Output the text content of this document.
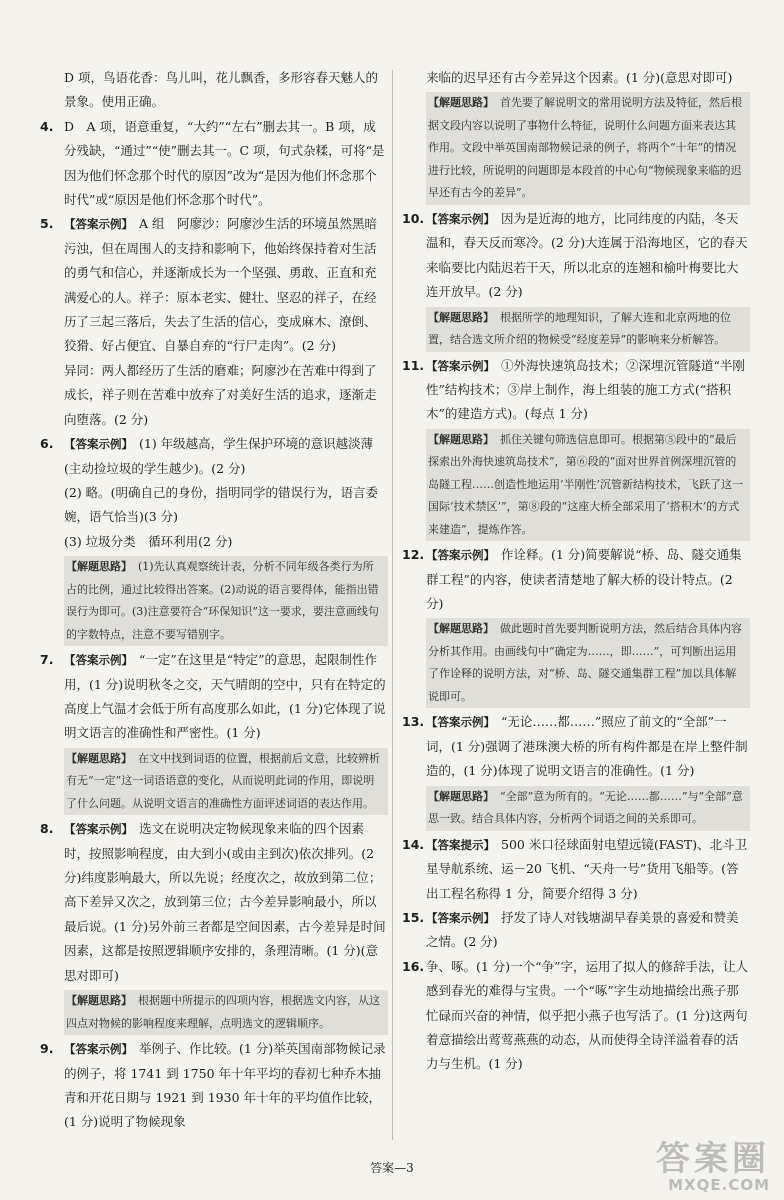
D 项，鸟语花香：鸟儿叫，花儿飘香，多形容春天魅人的景象。使用正确。

4. D　A 项，语意重复，“大约”“左右”删去其一。B 项，成分残缺，“通过”“使”删去其一。C 项，句式杂糅，可将“是因为他们怀念那个时代的原因”改为“是因为他们怀念那个时代”或“原因是他们怀念那个时代”。
5. 【答案示例】 A 组　阿廖沙：阿廖沙生活的环境虽然黑暗污浊，但在周围人的支持和影响下，他始终保持着对生活的勇气和信心，并逐渐成长为一个坚强、勇敢、正直和充满爱心的人。祥子：原本老实、健壮、坚忍的祥子，在经历了三起三落后，失去了生活的信心，变成麻木、潦倒、狡猾、好占便宜、自暴自弃的“行尸走肉”。(2 分)

异同：两人都经历了生活的磨难；阿廖沙在苦难中得到了成长，祥子则在苦难中放弃了对美好生活的追求，逐渐走向堕落。(2 分)

6. 【答案示例】 (1) 年级越高，学生保护环境的意识越淡薄(主动捡垃圾的学生越少)。(2 分)

(2) 略。(明确自己的身份，指明同学的错误行为，语言委婉，语气恰当)(3 分)

(3) 垃圾分类　循环利用(2 分)

【解题思路】 (1)先认真观察统计表，分析不同年级各类行为所占的比例，通过比较得出答案。(2)动说的语言要得体，能指出错误行为即可。(3)注意要符合“环保知识”这一要求，要注意画线句的字数特点，注意不要写错别字。
7. 【答案示例】 “一定”在这里是“特定”的意思，起限制性作用，(1 分)说明秋冬之交，天气晴朗的空中，只有在特定的高度上气温才会低于所有高度那么如此，(1 分)它体现了说明文语言的准确性和严密性。(1 分)
【解题思路】 在文中找到词语的位置，根据前后文意，比较辨析有无“一定”这一词语语意的变化，从而说明此词的作用，即说明了什么问题。从说明文语言的准确性方面评述词语的表达作用。
8. 【答案示例】 选文在说明决定物候现象来临的四个因素时，按照影响程度，由大到小(或由主到次)依次排列。(2 分)纬度影响最大，所以先说；经度次之，故放到第二位；高下差异又次之，放到第三位；古今差异影响最小，所以最后说。(1 分)另外前三者都是空间因素，古今差异是时间因素，这都是按照逻辑顺序安排的，条理清晰。(1 分)(意思对即可)
【解题思路】 根据题中所提示的四项内容，根据选文内容，从这四点对物候的影响程度来理解，点明选文的逻辑顺序。
9. 【答案示例】 举例子、作比较。(1 分)举英国南部物候记录的例子，将 1741 到 1750 年十年平均的春初七种乔木抽青和开花日期与 1921 到 1930 年十年的平均值作比较，(1 分)说明了物候现象

来临的迟早还有古今差异这个因素。(1 分)(意思对即可)

【解题思路】 首先要了解说明文的常用说明方法及特征，然后根据文段内容以说明了事物什么特征，说明什么问题方面来表达其作用。文段中举英国南部物候记录的例子，将两个“十年”的情况进行比较，所说明的问题即是本段首的中心句“物候现象来临的迟早还有古今的差异”。
10. 【答案示例】 因为是近海的地方，比同纬度的内陆，冬天温和，春天反而寒冷。(2 分)大连属于沿海地区，它的春天来临要比内陆迟若干天，所以北京的连翘和榆叶梅要比大连开放早。(2 分)
【解题思路】 根据所学的地理知识，了解大连和北京两地的位置，结合选文所介绍的物候受“经度差异”的影响来分析解答。
11. 【答案示例】 ①外海快速筑岛技术；②深埋沉管隧道“半刚性”结构技术；③岸上制作，海上组装的施工方式(“搭积木”的建造方式)。(每点 1 分)
【解题思路】 抓住关键句筛选信息即可。根据第⑤段中的“最后探索出外海快速筑岛技术”，第⑥段的“面对世界首例深埋沉管的岛隧工程……创造性地运用‘半刚性’沉管新结构技术，飞跃了这一国际‘技术禁区’”，第⑧段的“这座大桥全部采用了‘搭积木’的方式来建造”，提炼作答。
12. 【答案示例】 作诠释。(1 分)简要解说“桥、岛、隧交通集群工程”的内容，使读者清楚地了解大桥的设计特点。(2 分)
【解题思路】 做此题时首先要判断说明方法，然后结合具体内容分析其作用。由画线句中“确定为……，即……”，可判断出运用了作诠释的说明方法，对“桥、岛、隧交通集群工程”加以具体解说即可。
13. 【答案示例】 “无论……都……”照应了前文的“全部”一词，(1 分)强调了港珠澳大桥的所有构件都是在岸上整件制造的，(1 分)体现了说明文语言的准确性。(1 分)
【解题思路】 “全部”意为所有的。“无论……都……”与“全部”意思一致。结合具体内容，分析两个词语之间的关系即可。
14. 【答案提示】 500 米口径球面射电望远镜(FAST)、北斗卫星导航系统、运－20 飞机、“天舟一号”货用飞船等。(答出工程名称得 1 分，简要介绍得 3 分)
15. 【答案示例】 抒发了诗人对钱塘湖早春美景的喜爱和赞美之情。(2 分)
16. 争、啄。(1 分)一个“争”字，运用了拟人的修辞手法，让人感到春光的难得与宝贵。一个“啄”字生动地描绘出燕子那忙碌而兴奋的神情，似乎把小燕子也写活了。(1 分)这两句着意描绘出莺莺燕燕的动态，从而使得全诗洋溢着春的活力与生机。(1 分)
答案—3	答案圈
MXQE.COM
